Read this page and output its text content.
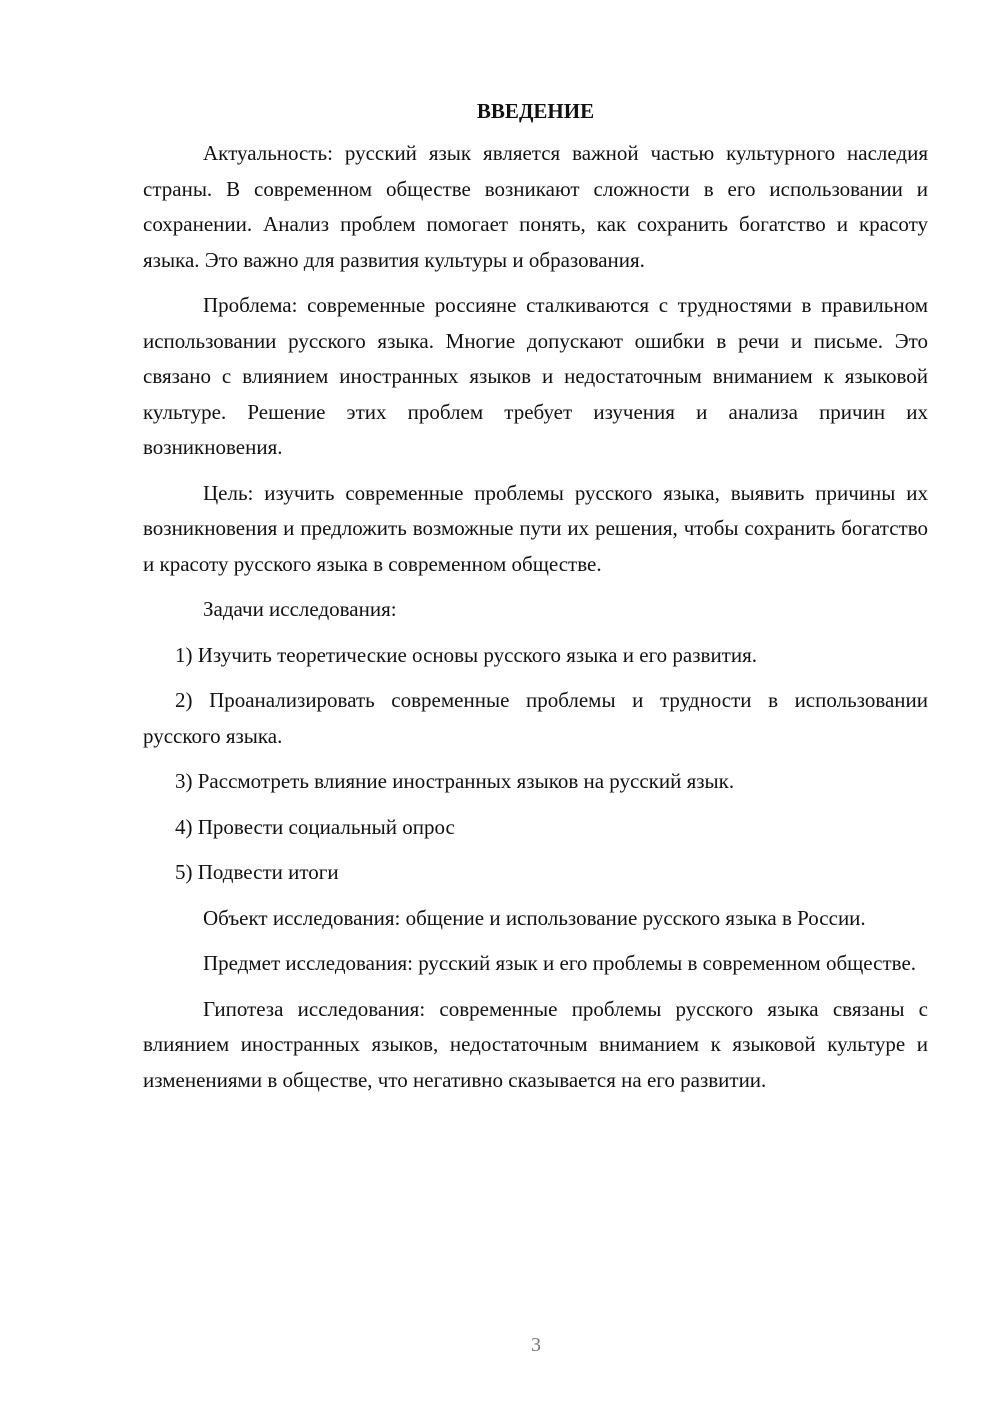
ВВЕДЕНИЕ
Актуальность: русский язык является важной частью культурного наследия страны. В современном обществе возникают сложности в его использовании и сохранении. Анализ проблем помогает понять, как сохранить богатство и красоту языка. Это важно для развития культуры и образования.
Проблема: современные россияне сталкиваются с трудностями в правильном использовании русского языка. Многие допускают ошибки в речи и письме. Это связано с влиянием иностранных языков и недостаточным вниманием к языковой культуре. Решение этих проблем требует изучения и анализа причин их возникновения.
Цель: изучить современные проблемы русского языка, выявить причины их возникновения и предложить возможные пути их решения, чтобы сохранить богатство и красоту русского языка в современном обществе.
Задачи исследования:
1) Изучить теоретические основы русского языка и его развития.
2) Проанализировать современные проблемы и трудности в использовании русского языка.
3) Рассмотреть влияние иностранных языков на русский язык.
4) Провести социальный опрос
5) Подвести итоги
Объект исследования: общение и использование русского языка в России.
Предмет исследования: русский язык и его проблемы в современном обществе.
Гипотеза исследования: современные проблемы русского языка связаны с влиянием иностранных языков, недостаточным вниманием к языковой культуре и изменениями в обществе, что негативно сказывается на его развитии.
3
